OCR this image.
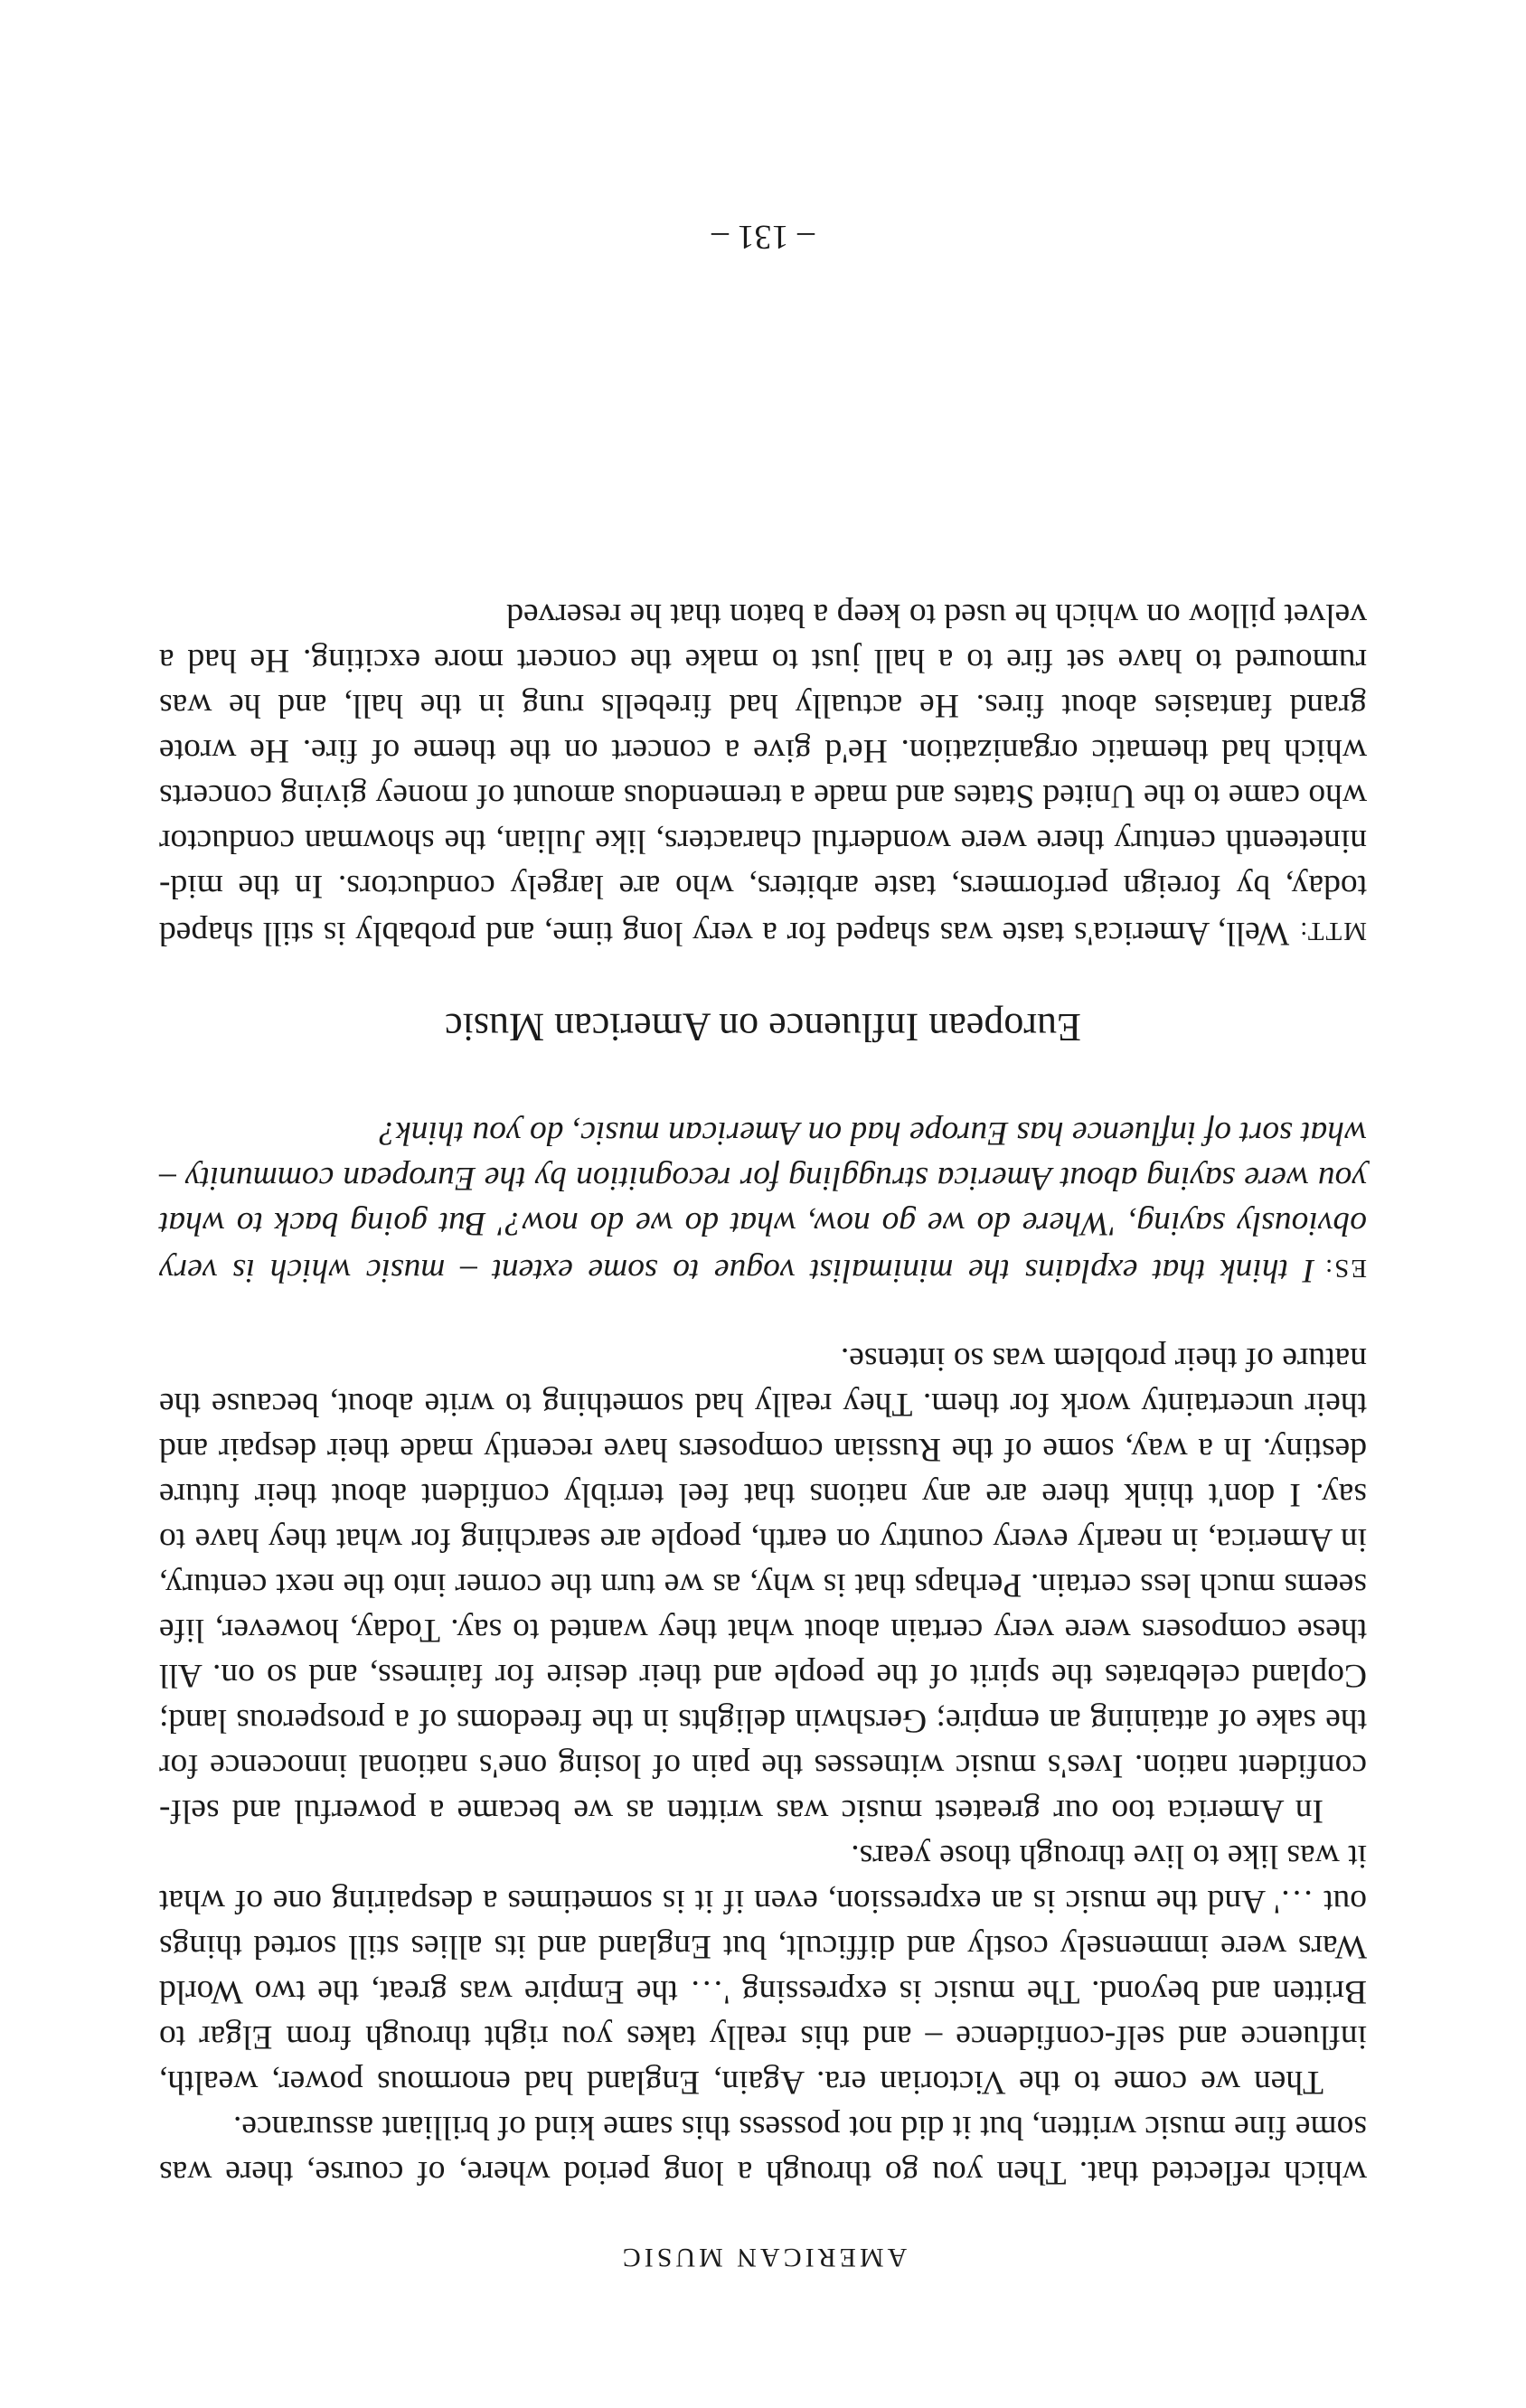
AMERICAN MUSIC

which reflected that. Then you go through a long period where, of course, there was some fine music written, but it did not possess this same kind of brilliant assurance.

Then we come to the Victorian era. Again, England had enormous power, wealth, influence and self-confidence – and this really takes you right through from Elgar to Britten and beyond. The music is expressing '… the Empire was great, the two World Wars were immensely costly and difficult, but England and its allies still sorted things out …' And the music is an expression, even if it is sometimes a despairing one of what it was like to live through those years.

In America too our greatest music was written as we became a powerful and self-confident nation. Ives's music witnesses the pain of losing one's national innocence for the sake of attaining an empire; Gershwin delights in the freedoms of a prosperous land; Copland celebrates the spirit of the people and their desire for fairness, and so on. All these composers were very certain about what they wanted to say. Today, however, life seems much less certain. Perhaps that is why, as we turn the corner into the next century, in America, in nearly every country on earth, people are searching for what they have to say. I don't think there are any nations that feel terribly confident about their future destiny. In a way, some of the Russian composers have recently made their despair and their uncertainty work for them. They really had something to write about, because the nature of their problem was so intense.

ES:I think that explains the minimalist vogue to some extent – music which is very obviously saying, 'Where do we go now, what do we do now?' But going back to what you were saying about America struggling for recognition by the European community – what sort of influence has Europe had on American music, do you think?

European Influence on American Music

MTT:Well, America's taste was shaped for a very long time, and probably is still shaped today, by foreign performers, taste arbiters, who are largely conductors. In the mid-nineteenth century there were wonderful characters, like Julian, the showman conductor who came to the United States and made a tremendous amount of money giving concerts which had thematic organization. He'd give a concert on the theme of fire. He wrote grand fantasies about fires. He actually had firebells rung in the hall, and he was rumoured to have set fire to a hall just to make the concert more exciting. He had a velvet pillow on which he used to keep a baton that he reserved

– 131 –
